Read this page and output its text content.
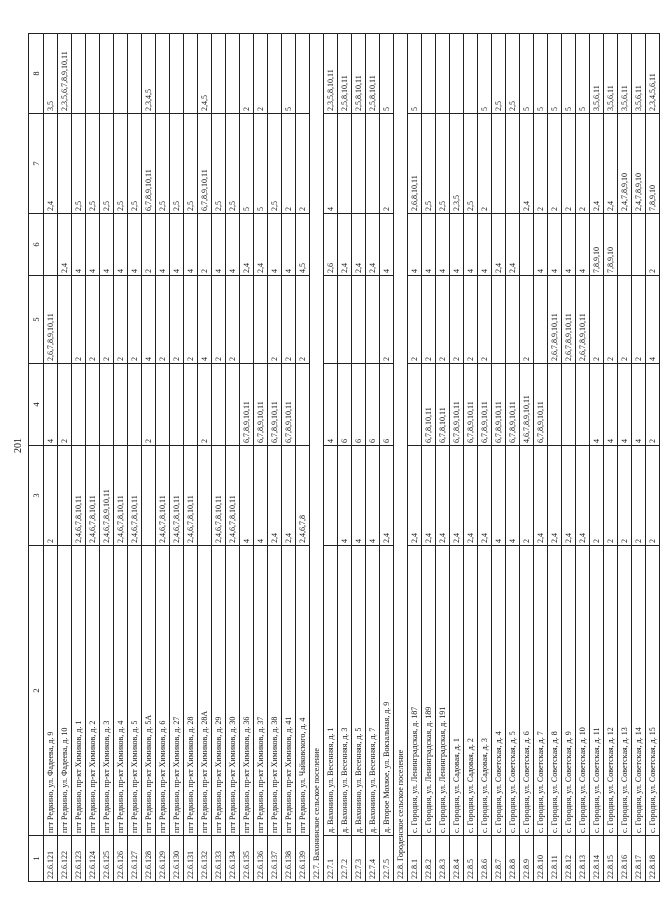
201
1	2	3	4	5	6	7	8
22.6.121	пгт Редкино, ул. Фадеева, д. 9	2	4	2,6,7,8,9,10,11		2,4	3,5
22.6.122	пгт Редкино, ул. Фадеева, д. 10		2		2,4		2,3,5,6,7,8,9,10,11
22.6.123	пгт Редкино, пр-кт Химиков, д. 1	2,4,6,7,8,10,11		2	4	2,5	
22.6.124	пгт Редкино, пр-кт Химиков, д. 2	2,4,6,7,8,10,11		2	4	2,5	
22.6.125	пгт Редкино, пр-кт Химиков, д. 3	2,4,6,7,8,9,10,11		2	4	2,5	
22.6.126	пгт Редкино, пр-кт Химиков, д. 4	2,4,6,7,8,10,11		2	4	2,5	
22.6.127	пгт Редкино, пр-кт Химиков, д. 5	2,4,6,7,8,10,11		2	4	2,5	
22.6.128	пгт Редкино, пр-кт Химиков, д. 5А		2	4	2	6,7,8,9,10,11	2,3,4,5
22.6.129	пгт Редкино, пр-кт Химиков, д. 6	2,4,6,7,8,10,11		2	4	2,5	
22.6.130	пгт Редкино, пр-кт Химиков, д. 27	2,4,6,7,8,10,11		2	4	2,5	
22.6.131	пгт Редкино, пр-кт Химиков, д. 28	2,4,6,7,8,10,11		2	4	2,5	
22.6.132	пгт Редкино, пр-кт Химиков, д. 28А		2	4	2	6,7,8,9,10,11	2,4,5
22.6.133	пгт Редкино, пр-кт Химиков, д. 29	2,4,6,7,8,10,11		2	4	2,5	
22.6.134	пгт Редкино, пр-кт Химиков, д. 30	2,4,6,7,8,10,11		2	4	2,5	
22.6.135	пгт Редкино, пр-кт Химиков, д. 36	4	6,7,8,9,10,11		2,4	5	2
22.6.136	пгт Редкино, пр-кт Химиков, д. 37	4	6,7,8,9,10,11		2,4	5	2
22.6.137	пгт Редкино, пр-кт Химиков, д. 38	2,4	6,7,8,9,10,11	2	4	2,5	
22.6.138	пгт Редкино, пр-кт Химиков, д. 41	2,4	6,7,8,9,10,11	2	4	2	5
22.6.139	пгт Редкино, ул. Чайковского, д. 4	2,4,6,7,8		2	4,5	2	
22.7. Вахонинское сельское поселение							
22.7.1	д. Вахонино, ул. Весенняя, д. 1		4		2,6	4	2,3,5,8,10,11
22.7.2	д. Вахонино, ул. Весенняя, д. 3	4	6		2,4		2,5,8,10,11
22.7.3	д. Вахонино, ул. Весенняя, д. 5	4	6		2,4		2,5,8,10,11
22.7.4	д. Вахонино, ул. Весенняя, д. 7	4	6		2,4		2,5,8,10,11
22.7.5	д. Второе Мохвое, ул. Вокзальная, д. 9	2,4	6	2	4	2	5
22.8. Городенское сельское поселение							
22.8.1	с. Городня, ул. Ленинградская, д. 187	2,4		2	4	2,6,8,10,11	5
22.8.2	с. Городня, ул. Ленинградская, д. 189	2,4	6,7,8,10,11	2	4	2,5	
22.8.3	с. Городня, ул. Ленинградская, д. 191	2,4	6,7,8,10,11	2	4	2,5	
22.8.4	с. Городня, ул. Садовая, д. 1	2,4	6,7,8,9,10,11	2	4	2,3,5	
22.8.5	с. Городня, ул. Садовая, д. 2	2,4	6,7,8,9,10,11	2	4	2,5	
22.8.6	с. Городня, ул. Садовая, д. 3	2,4	6,7,8,9,10,11	2	4	2	5
22.8.7	с. Городня, ул. Советская, д. 4	4	6,7,8,9,10,11		2,4		2,5
22.8.8	с. Городня, ул. Советская, д. 5	4	6,7,8,9,10,11		2,4		2,5
22.8.9	с. Городня, ул. Советская, д. 6	2	4,6,7,8,9,10,11	2		2,4	5
22.8.10	с. Городня, ул. Советская, д. 7	2,4	6,7,8,9,10,11		4	2	5
22.8.11	с. Городня, ул. Советская, д. 8	2,4		2,6,7,8,9,10,11	4	2	5
22.8.12	с. Городня, ул. Советская, д. 9	2,4		2,6,7,8,9,10,11	4	2	5
22.8.13	с. Городня, ул. Советская, д. 10	2,4		2,6,7,8,9,10,11	4	2	5
22.8.14	с. Городня, ул. Советская, д. 11	2	4	2	7,8,9,10	2,4	3,5,6,11
22.8.15	с. Городня, ул. Советская, д. 12	2	4	2	7,8,9,10	2,4	3,5,6,11
22.8.16	с. Городня, ул. Советская, д. 13	2	4	2		2,4,7,8,9,10	3,5,6,11
22.8.17	с. Городня, ул. Советская, д. 14	2	4	2		2,4,7,8,9,10	3,5,6,11
22.8.18	с. Городня, ул. Советская, д. 15	2	2	4	2	7,8,9,10	2,3,4,5,6,11
